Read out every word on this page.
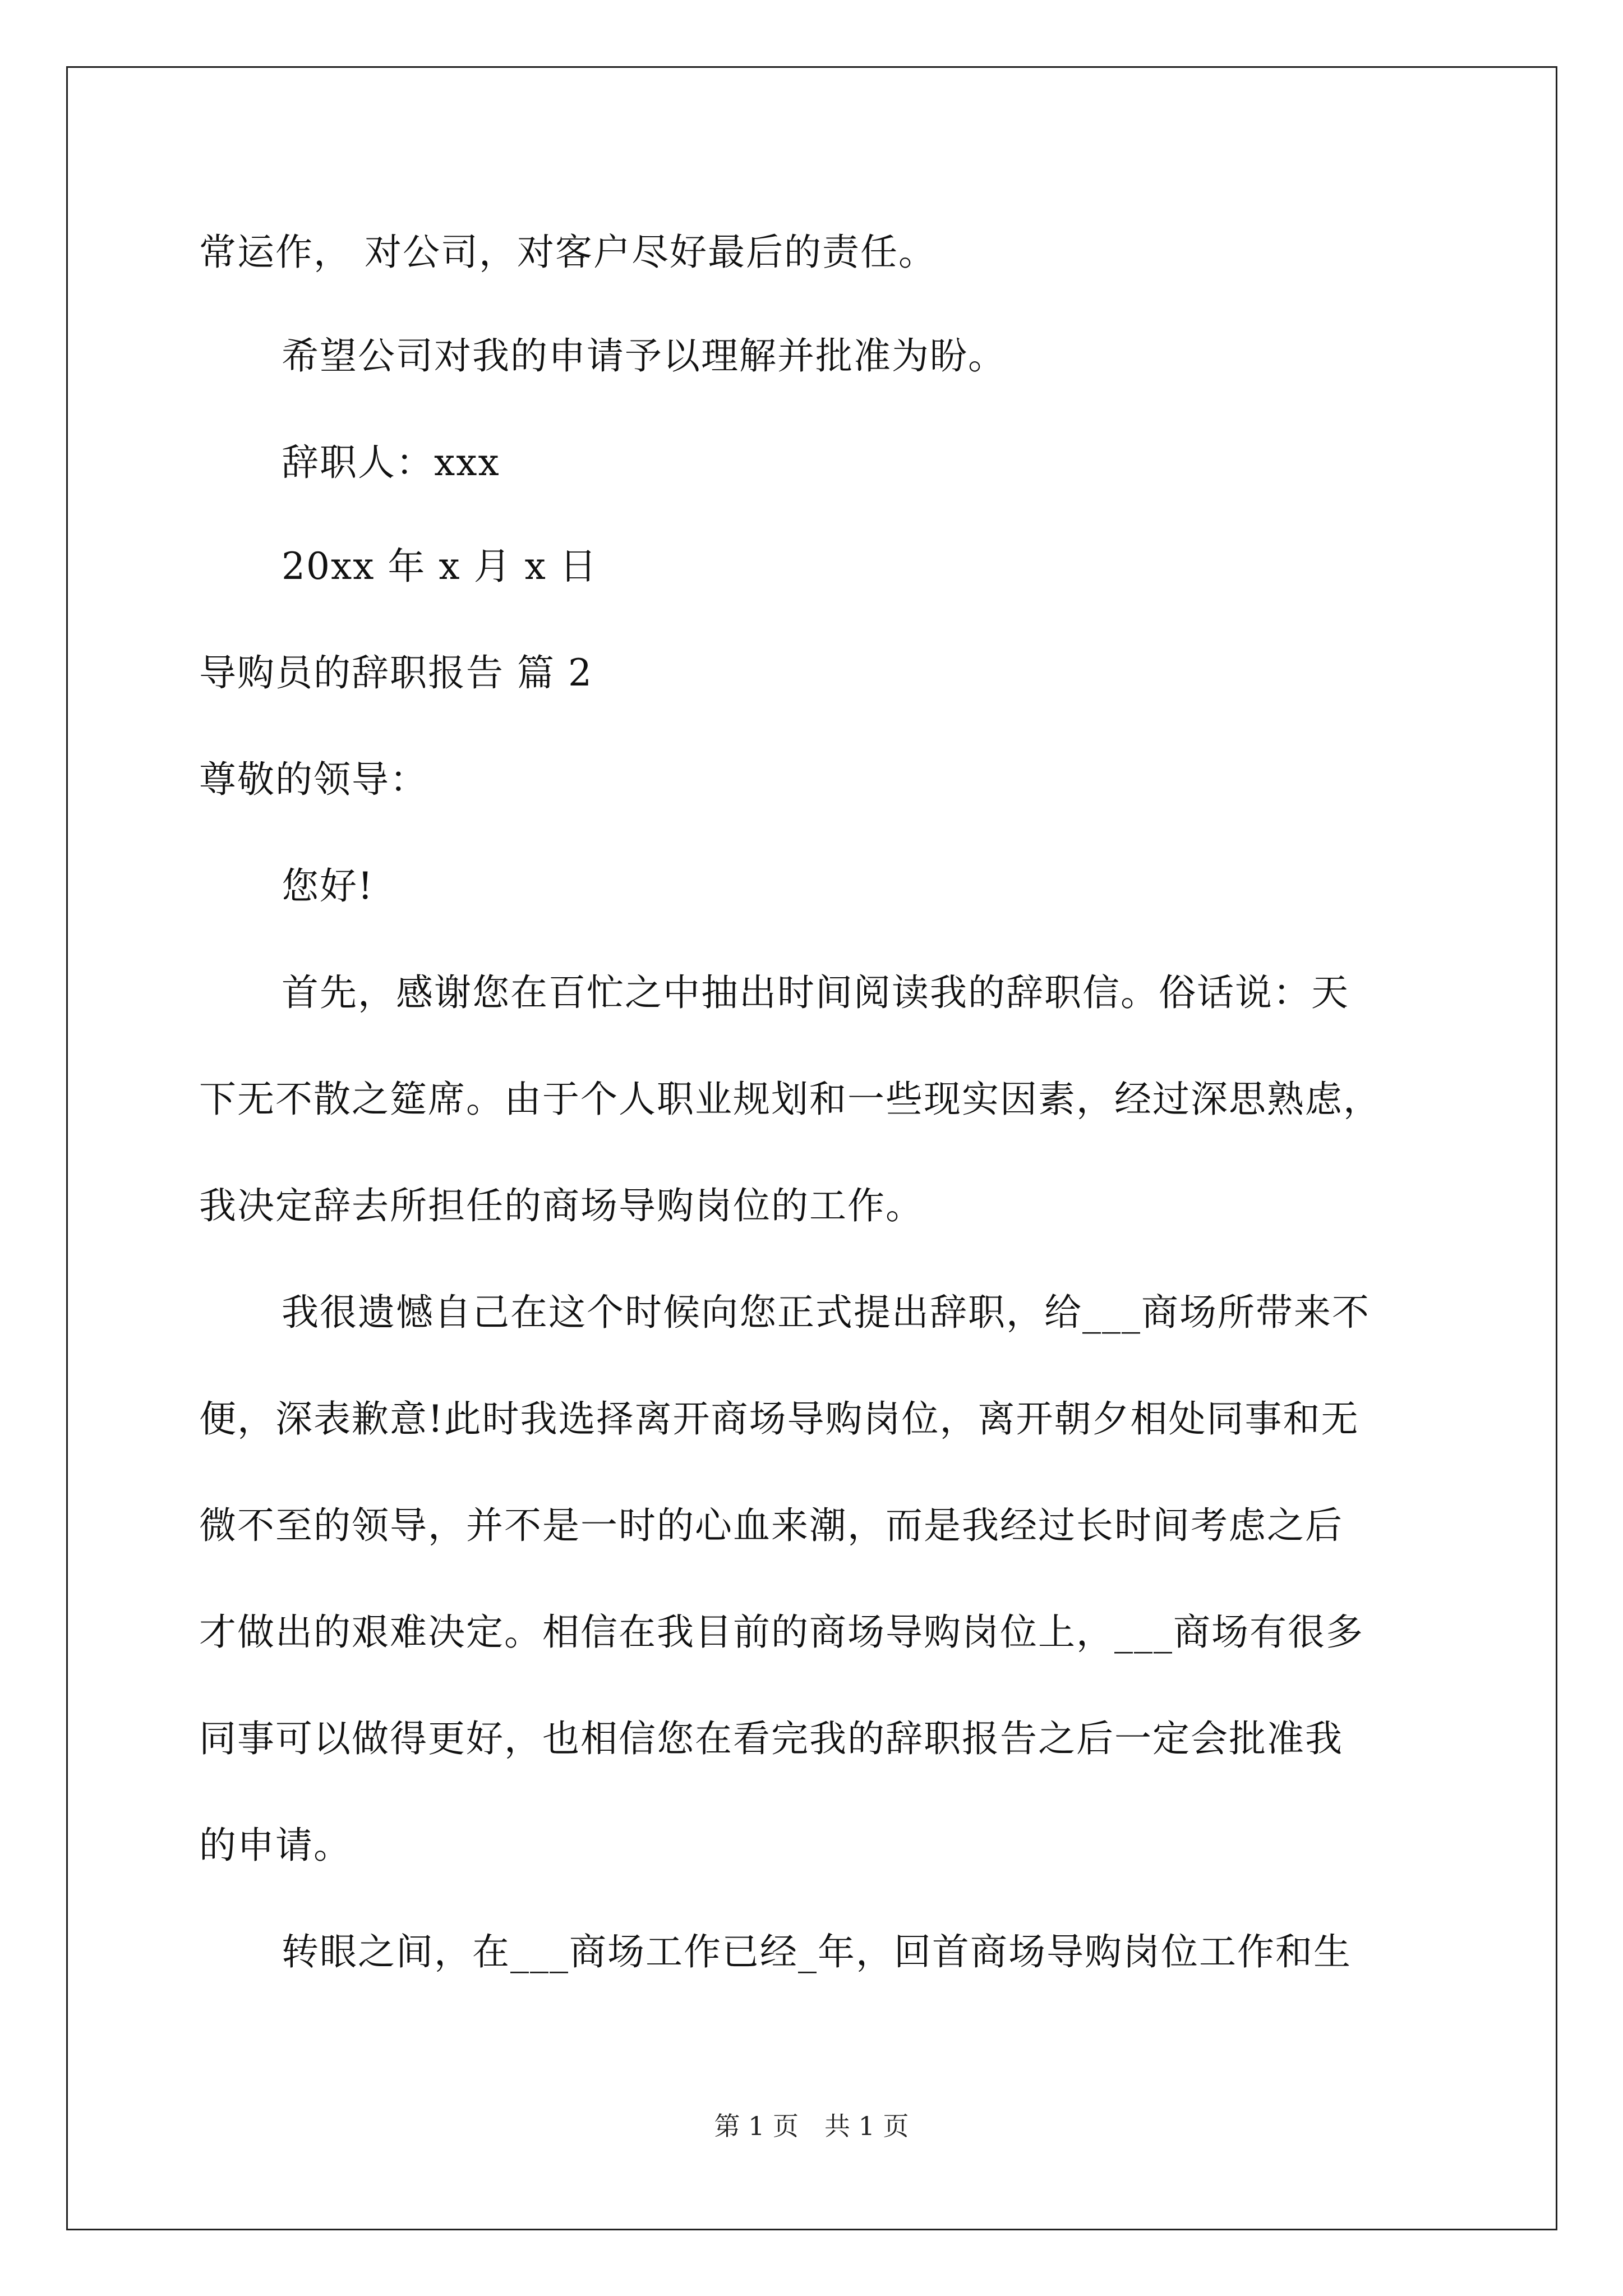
常运作， 对公司，对客户尽好最后的责任。
希望公司对我的申请予以理解并批准为盼。
辞职人：xxx
20xx 年 x 月 x 日
导购员的辞职报告 篇 2
尊敬的领导：
您好!
首先，感谢您在百忙之中抽出时间阅读我的辞职信。俗话说：天
下无不散之筵席。由于个人职业规划和一些现实因素，经过深思熟虑，
我决定辞去所担任的商场导购岗位的工作。
我很遗憾自己在这个时候向您正式提出辞职，给___商场所带来不
便，深表歉意!此时我选择离开商场导购岗位，离开朝夕相处同事和无
微不至的领导，并不是一时的心血来潮，而是我经过长时间考虑之后
才做出的艰难决定。相信在我目前的商场导购岗位上，___商场有很多
同事可以做得更好，也相信您在看完我的辞职报告之后一定会批准我
的申请。
转眼之间，在___商场工作已经_年，回首商场导购岗位工作和生
第 1 页　共 1 页
